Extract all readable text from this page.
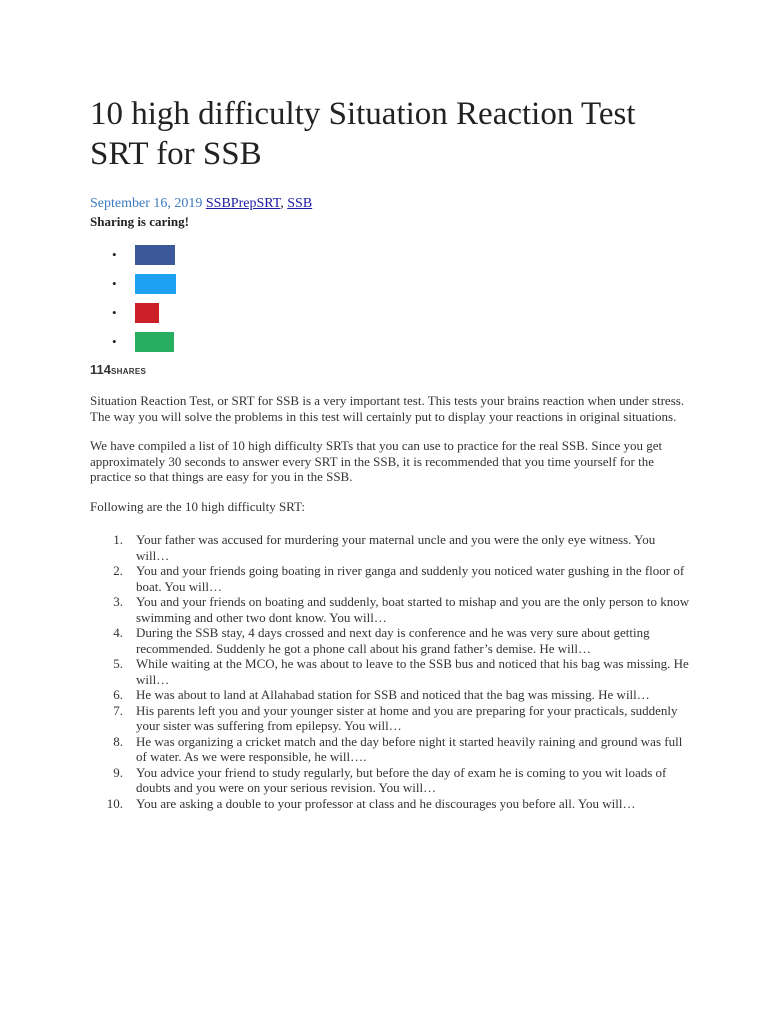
10 high difficulty Situation Reaction Test SRT for SSB
September 16, 2019 SSBPrepSRT, SSB
Sharing is caring!
•
•
•
•
114SHARES

Situation Reaction Test, or SRT for SSB is a very important test. This tests your brains reaction when under stress. The way you will solve the problems in this test will certainly put to display your reactions in original situations.

We have compiled a list of 10 high difficulty SRTs that you can use to practice for the real SSB. Since you get approximately 30 seconds to answer every SRT in the SSB, it is recommended that you time yourself for the practice so that things are easy for you in the SSB.

Following are the 10 high difficulty SRT:

1. Your father was accused for murdering your maternal uncle and you were the only eye witness. You will…
2. You and your friends going boating in river ganga and suddenly you noticed water gushing in the floor of boat. You will…
3. You and your friends on boating and suddenly, boat started to mishap and you are the only person to know swimming and other two dont know. You will…
4. During the SSB stay, 4 days crossed and next day is conference and he was very sure about getting recommended. Suddenly he got a phone call about his grand father’s demise. He will…
5. While waiting at the MCO, he was about to leave to the SSB bus and noticed that his bag was missing. He will…
6. He was about to land at Allahabad station for SSB and noticed that the bag was missing. He will…
7. His parents left you and your younger sister at home and you are preparing for your practicals, suddenly your sister was suffering from epilepsy. You will…
8. He was organizing a cricket match and the day before night it started heavily raining and ground was full of water. As we were responsible, he will….
9. You advice your friend to study regularly, but before the day of exam he is coming to you wit loads of doubts and you were on your serious revision. You will…
10. You are asking a double to your professor at class and he discourages you before all. You will…
